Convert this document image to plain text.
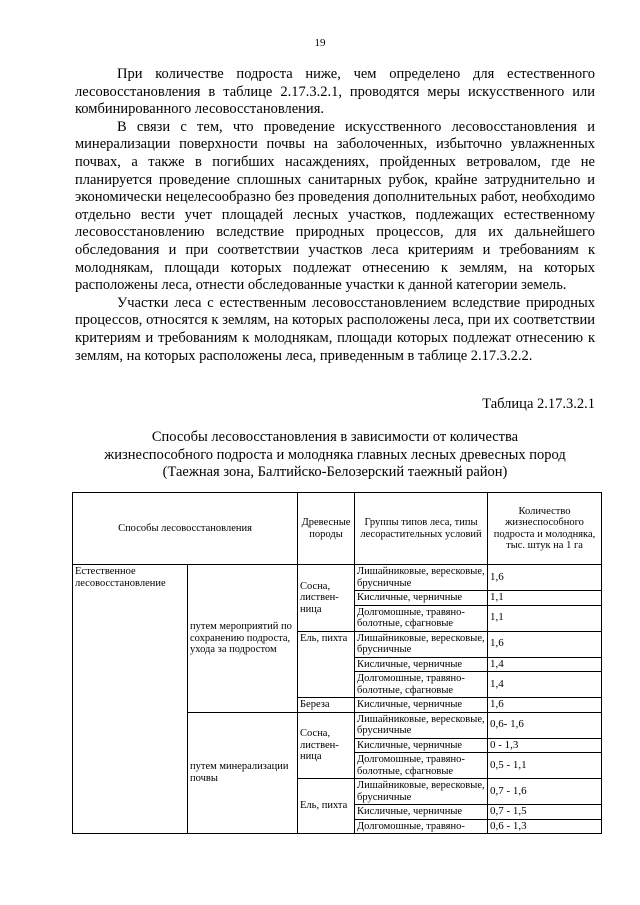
19

При количестве подроста ниже, чем определено для естественного лесовосстановления в таблице 2.17.3.2.1, проводятся меры искусственного или комбинированного лесовосстановления.

В связи с тем, что проведение искусственного лесовосстановления и минерализации поверхности почвы на заболоченных, избыточно увлажненных почвах, а также в погибших насаждениях, пройденных ветровалом, где не планируется проведение сплошных санитарных рубок, крайне затруднительно и экономически нецелесообразно без проведения дополнительных работ, необходимо отдельно вести учет площадей лесных участков, подлежащих естественному лесовосстановлению вследствие природных процессов, для их дальнейшего обследования и при соответствии участков леса критериям и требованиям к молоднякам, площади которых подлежат отнесению к землям, на которых расположены леса, отнести обследованные участки к данной категории земель.

Участки леса с естественным лесовосстановлением вследствие природных процессов, относятся к землям, на которых расположены леса, при их соответствии критериям и требованиям к молоднякам, площади которых подлежат отнесению к землям, на которых расположены леса, приведенным в таблице 2.17.3.2.2.

Таблица 2.17.3.2.1
Способы лесовосстановления в зависимости от количества
жизнеспособного подроста и молодняка главных лесных древесных пород
(Таежная зона, Балтийско-Белозерский таежный район)
Способы лесовосстановления		Древесные породы	Группы типов леса, типы лесорастительных условий	Количество жизнеспособного подроста и молодняка, тыс. штук на 1 га
Естественное лесовосстановление	путем мероприятий по сохранению подроста, ухода за подростом	Сосна, листвен-ница	Лишайниковые, вересковые, брусничные	1,6
			Кисличные, черничные	1,1
			Долгомошные, травяно-болотные, сфагновые	1,1
		Ель, пихта	Лишайниковые, вересковые, брусничные	1,6
			Кисличные, черничные	1,4
			Долгомошные, травяно-болотные, сфагновые	1,4
		Береза	Кисличные, черничные	1,6
	путем минерализации почвы	Сосна, листвен-ница	Лишайниковые, вересковые, брусничные	0,6- 1,6
			Кисличные, черничные	0 - 1,3
			Долгомошные, травяно-болотные, сфагновые	0,5 - 1,1
		Ель, пихта	Лишайниковые, вересковые, брусничные	0,7 - 1,6
			Кисличные, черничные	0,7 - 1,5
			Долгомошные, травяно-	0,6 - 1,3
